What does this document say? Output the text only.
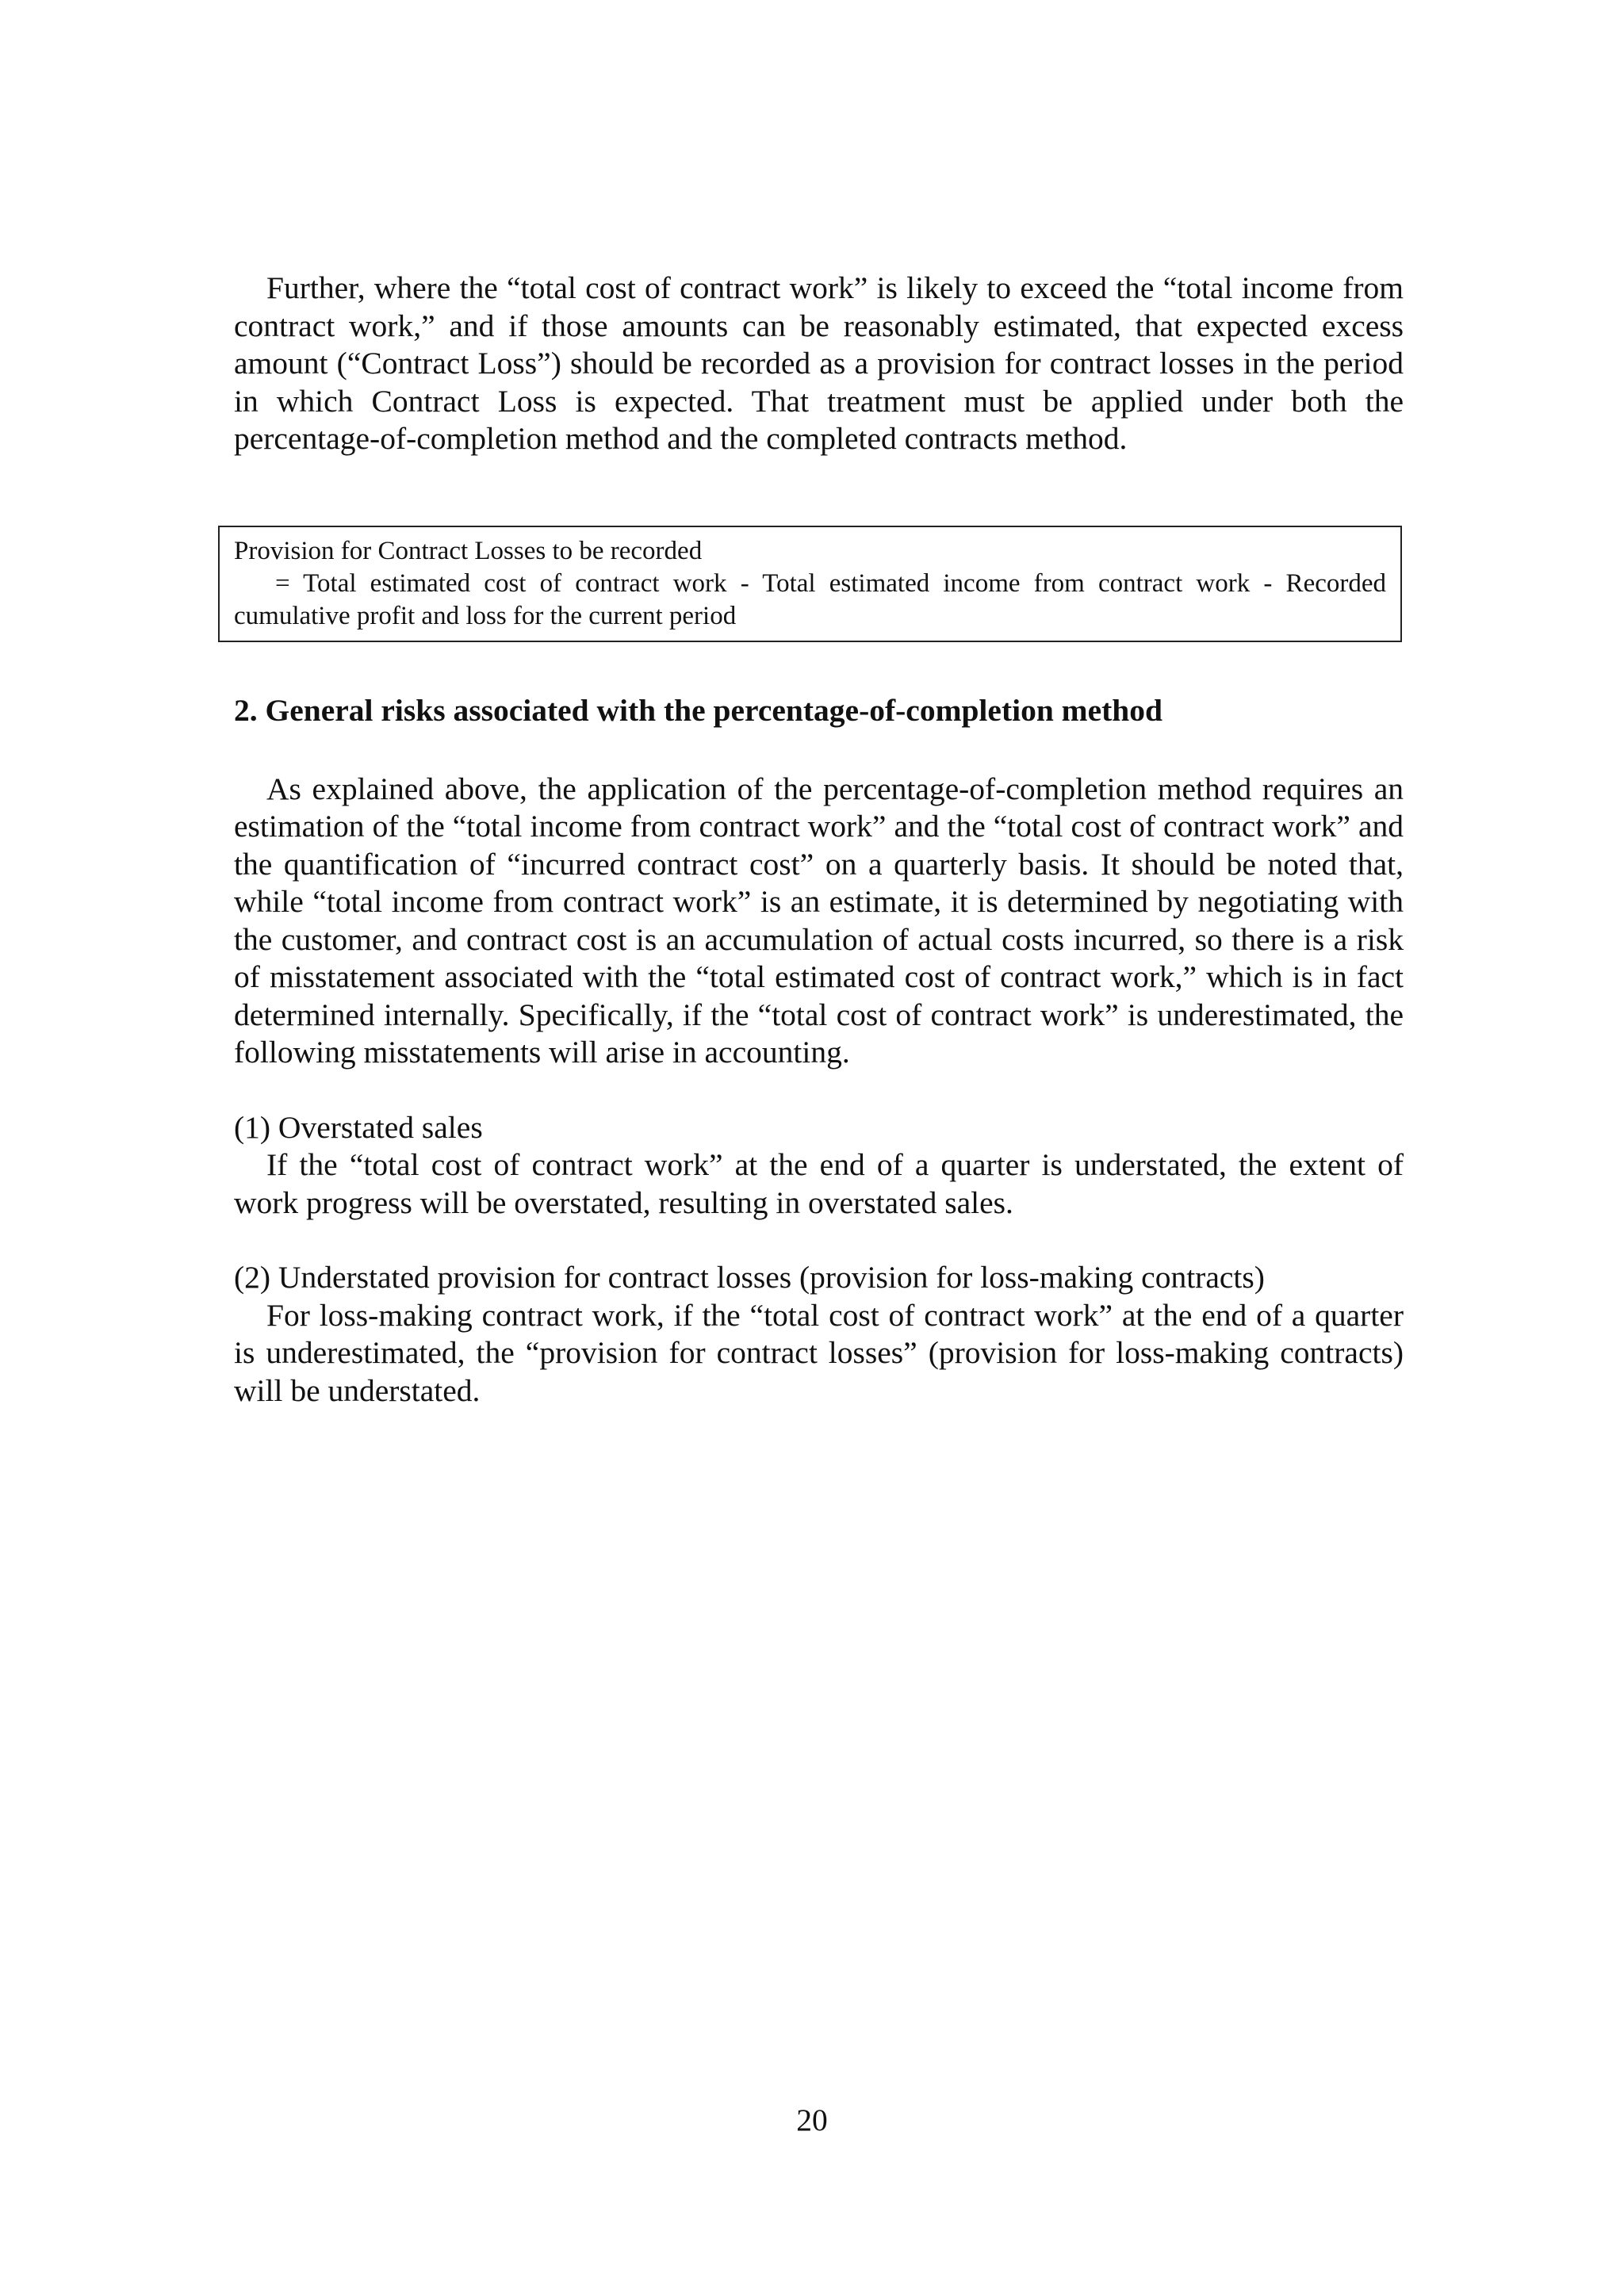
Further, where the “total cost of contract work” is likely to exceed the “total income from contract work,” and if those amounts can be reasonably estimated, that expected excess amount (“Contract Loss”) should be recorded as a provision for contract losses in the period in which Contract Loss is expected. That treatment must be applied under both the percentage-of-completion method and the completed contracts method.

Provision for Contract Losses to be recorded

= Total estimated cost of contract work - Total estimated income from contract work - Recorded cumulative profit and loss for the current period

2. General risks associated with the percentage-of-completion method

As explained above, the application of the percentage-of-completion method requires an estimation of the “total income from contract work” and the “total cost of contract work” and the quantification of “incurred contract cost” on a quarterly basis. It should be noted that, while “total income from contract work” is an estimate, it is determined by negotiating with the customer, and contract cost is an accumulation of actual costs incurred, so there is a risk of misstatement associated with the “total estimated cost of contract work,” which is in fact determined internally. Specifically, if the “total cost of contract work” is underestimated, the following misstatements will arise in accounting.

(1) Overstated sales

If the “total cost of contract work” at the end of a quarter is understated, the extent of work progress will be overstated, resulting in overstated sales.

(2) Understated provision for contract losses (provision for loss-making contracts)

For loss-making contract work, if the “total cost of contract work” at the end of a quarter is underestimated, the “provision for contract losses” (provision for loss-making contracts) will be understated.

20
